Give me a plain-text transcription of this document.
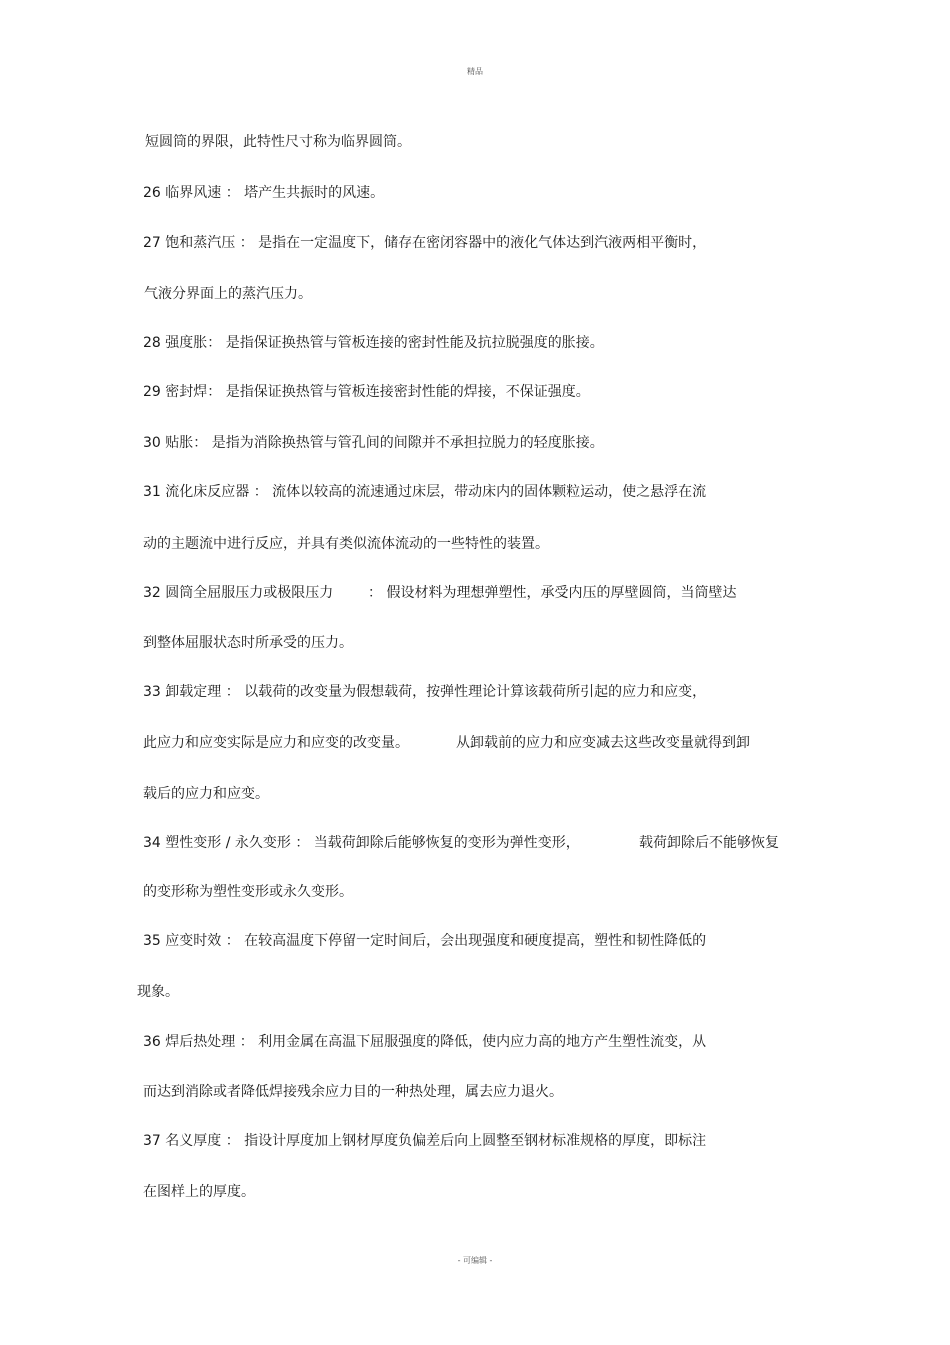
精品
短圆筒的界限，此特性尺寸称为临界圆筒。
26 临界风速 ： 塔产生共振时的风速。
27 饱和蒸汽压 ： 是指在一定温度下，储存在密闭容器中的液化气体达到汽液两相平衡时，
气液分界面上的蒸汽压力。
28 强度胀： 是指保证换热管与管板连接的密封性能及抗拉脱强度的胀接。
29 密封焊： 是指保证换热管与管板连接密封性能的焊接，不保证强度。
30 贴胀： 是指为消除换热管与管孔间的间隙并不承担拉脱力的轻度胀接。
31 流化床反应器 ： 流体以较高的流速通过床层，带动床内的固体颗粒运动，使之悬浮在流
动的主题流中进行反应，并具有类似流体流动的一些特性的装置。
32 圆筒全屈服压力或极限压力 ： 假设材料为理想弹塑性，承受内压的厚壁圆筒，当筒壁达
到整体屈服状态时所承受的压力。
33 卸载定理 ： 以载荷的改变量为假想载荷，按弹性理论计算该载荷所引起的应力和应变，
此应力和应变实际是应力和应变的改变量。	从卸载前的应力和应变减去这些改变量就得到卸
载后的应力和应变。
34 塑性变形 / 永久变形 ： 当载荷卸除后能够恢复的变形为弹性变形，	载荷卸除后不能够恢复
的变形称为塑性变形或永久变形。
35 应变时效 ： 在较高温度下停留一定时间后，会出现强度和硬度提高，塑性和韧性降低的
现象。
36 焊后热处理 ： 利用金属在高温下屈服强度的降低，使内应力高的地方产生塑性流变，从
而达到消除或者降低焊接残余应力目的一种热处理，属去应力退火。
37 名义厚度 ： 指设计厚度加上钢材厚度负偏差后向上圆整至钢材标准规格的厚度，即标注
在图样上的厚度。
- 可编辑 -
